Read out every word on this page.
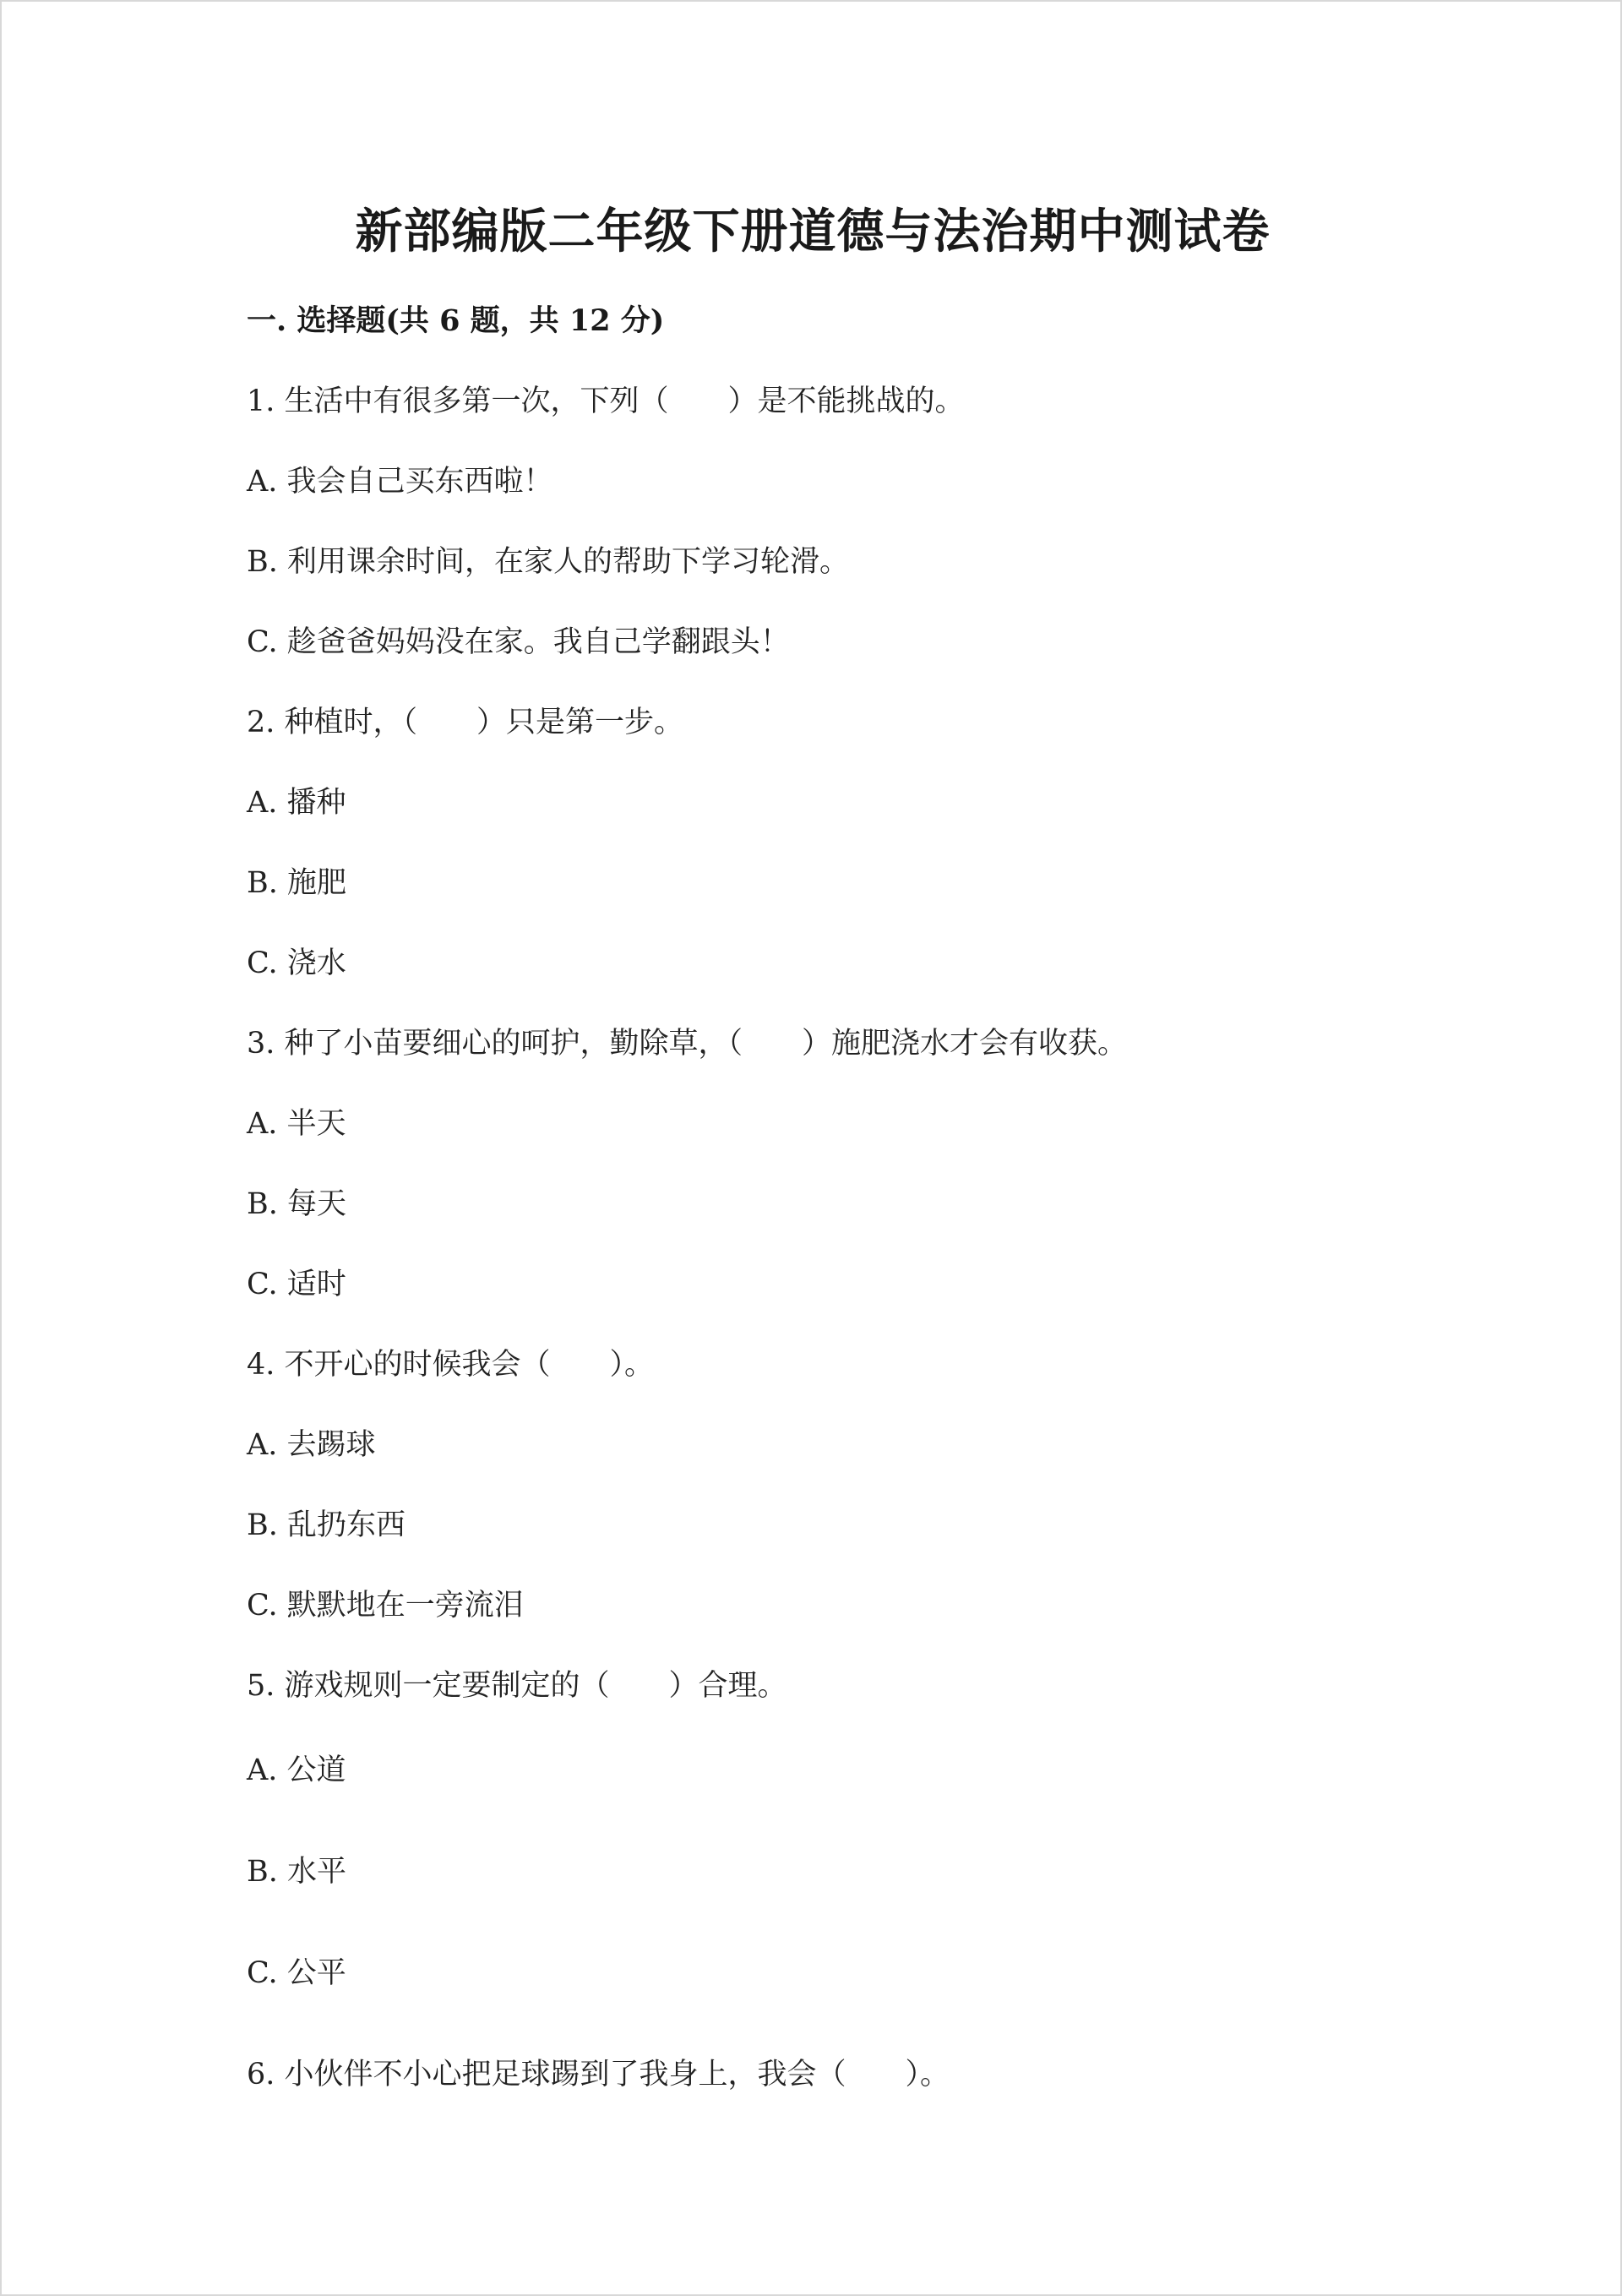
新部编版二年级下册道德与法治期中测试卷
一. 选择题(共 6 题，共 12 分)
1. 生活中有很多第一次，下列（　　）是不能挑战的。
A. 我会自己买东西啦！
B. 利用课余时间，在家人的帮助下学习轮滑。
C. 趁爸爸妈妈没在家。我自己学翻跟头！
2. 种植时，（　　）只是第一步。
A. 播种
B. 施肥
C. 浇水
3. 种了小苗要细心的呵护，勤除草，（　　）施肥浇水才会有收获。
A. 半天
B. 每天
C. 适时
4. 不开心的时候我会（　　）。
A. 去踢球
B. 乱扔东西
C. 默默地在一旁流泪
5. 游戏规则一定要制定的（　　）合理。
A. 公道
B. 水平
C. 公平
6. 小伙伴不小心把足球踢到了我身上，我会（　　）。
